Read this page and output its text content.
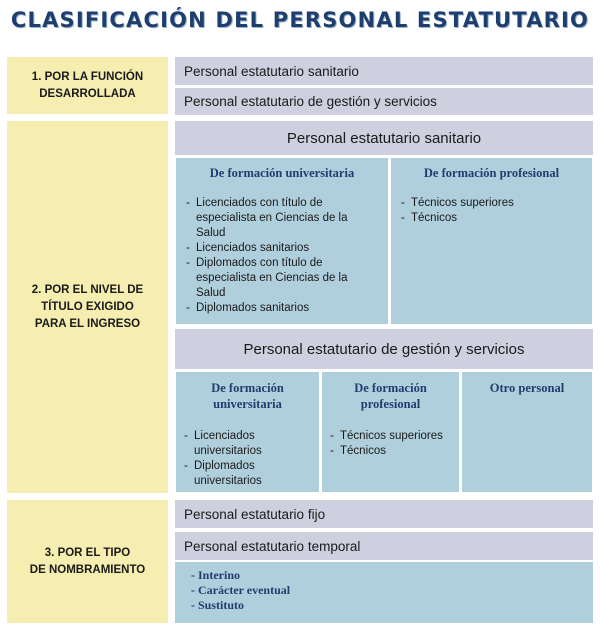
CLASIFICACIÓN DEL PERSONAL ESTATUTARIO
1. POR LA FUNCIÓN
DESARROLLADA
Personal estatutario sanitario
Personal estatutario de gestión y servicios
2. POR EL NIVEL DE
TÍTULO EXIGIDO
PARA EL INGRESO
Personal estatutario sanitario
De formación universitaria
- Licenciados con título de especialista en Ciencias de la Salud
- Licenciados sanitarios
- Diplomados con título de especialista en Ciencias de la Salud
- Diplomados sanitarios
De formación profesional
- Técnicos superiores
- Técnicos
Personal estatutario de gestión y servicios
De formación
universitaria
- Licenciados universitarios
- Diplomados universitarios
De formación
profesional
- Técnicos superiores
- Técnicos
Otro personal
3. POR EL TIPO
DE NOMBRAMIENTO
Personal estatutario fijo
Personal estatutario temporal
- Interino
- Carácter eventual
- Sustituto
